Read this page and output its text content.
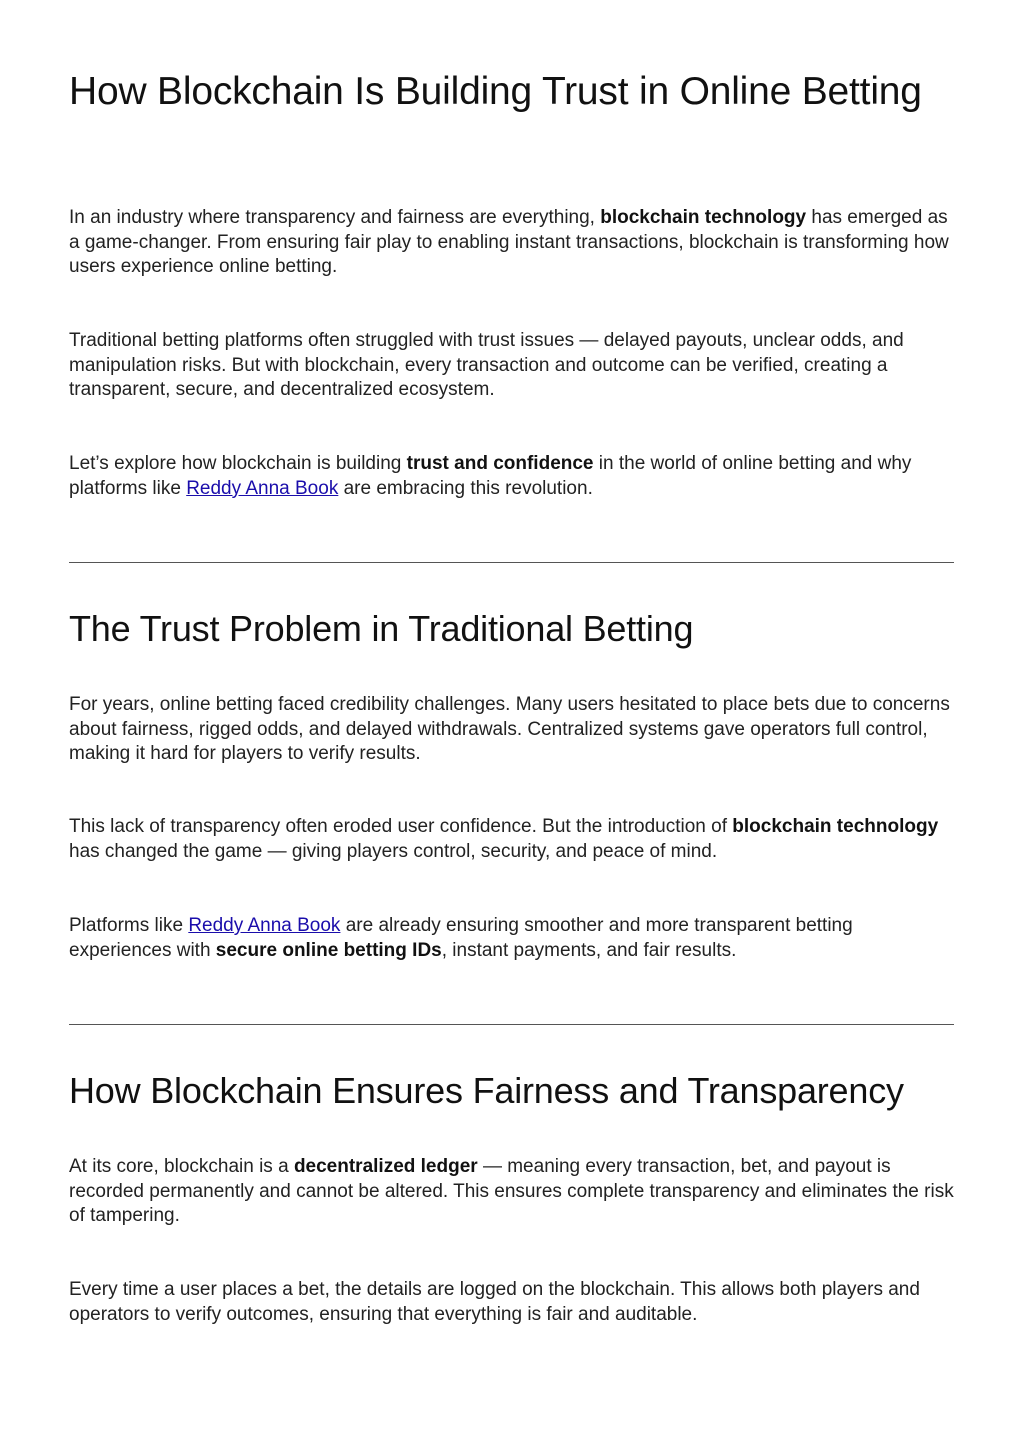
How Blockchain Is Building Trust in Online Betting

In an industry where transparency and fairness are everything, blockchain technology has emerged as a game-changer. From ensuring fair play to enabling instant transactions, blockchain is transforming how users experience online betting.

Traditional betting platforms often struggled with trust issues — delayed payouts, unclear odds, and manipulation risks. But with blockchain, every transaction and outcome can be verified, creating a transparent, secure, and decentralized ecosystem.

Let’s explore how blockchain is building trust and confidence in the world of online betting and why platforms like Reddy Anna Book are embracing this revolution.

The Trust Problem in Traditional Betting

For years, online betting faced credibility challenges. Many users hesitated to place bets due to concerns about fairness, rigged odds, and delayed withdrawals. Centralized systems gave operators full control, making it hard for players to verify results.

This lack of transparency often eroded user confidence. But the introduction of blockchain technology has changed the game — giving players control, security, and peace of mind.

Platforms like Reddy Anna Book are already ensuring smoother and more transparent betting experiences with secure online betting IDs, instant payments, and fair results.

How Blockchain Ensures Fairness and Transparency

At its core, blockchain is a decentralized ledger — meaning every transaction, bet, and payout is recorded permanently and cannot be altered. This ensures complete transparency and eliminates the risk of tampering.

Every time a user places a bet, the details are logged on the blockchain. This allows both players and operators to verify outcomes, ensuring that everything is fair and auditable.
